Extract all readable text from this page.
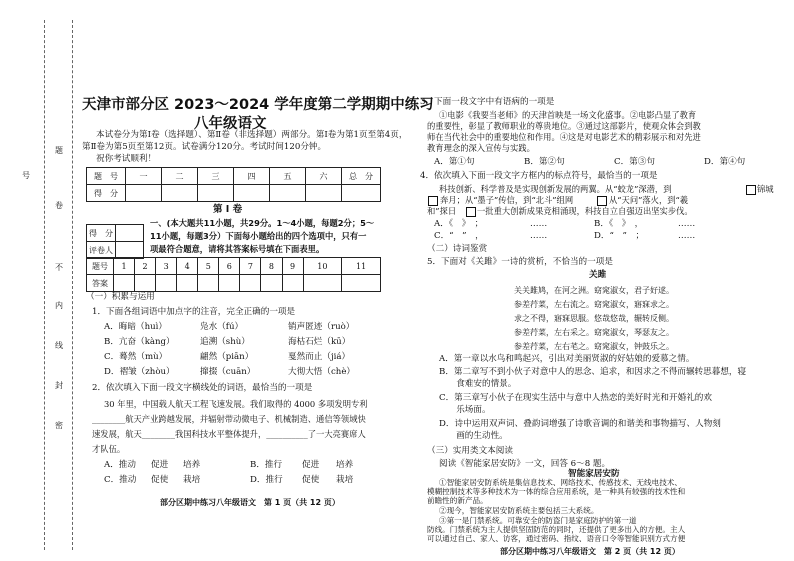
题
卷
不
内
线
封
密
号
天津市部分区 2023～2024 学年度第二学期期中练习
八年级语文
本试卷分为第Ⅰ卷（选择题）、第Ⅱ卷（非选择题）两部分。第Ⅰ卷为第1页至第4页，
第Ⅱ卷为第5页至第12页。试卷满分120分。考试时间120分钟。
祝你考试顺利！
题　号	一	二	三	四	五	六	总　分
得　分							
第 Ⅰ 卷
得　分	
评卷人	
一、(本大题共11小题，共29分。1～4小题，每题2分；5～
11小题，每题3分）下面每小题给出的四个选项中，只有一
项最符合题意，请将其答案标号填在下面表里。
题号	1	2	3	4	5	6	7	8	9	10	11
答案											
（一）积累与运用
1．下面各组词语中加点字的注音，完全正确的一项是
A．晦暗（huì）	凫水（fú）	销声匿迹（ruò）
B．亢奋（kàng）	追溯（shù）	海枯石烂（kū）
C．蓦然（mù）	翩然（piān）	戛然而止（jiá）
D．褶皱（zhòu）	撺掇（cuān）	大彻大悟（chè）
2．依次填入下面一段文字横线处的词语，最恰当的一项是
30 年里，中国载人航天工程飞速发展。我们取得的 4000 多项发明专利
________航天产业跨越发展，并辐射带动微电子、机械制造、通信等领域快
速发展，航天________我国科技水平整体提升，__________了一大亮赛席人
才队伍。
A．推动 促进 培养	B．推行 促进 培养
C．推动 促使 栽培	D．推行 促使 栽培
部分区期中练习八年级语文　第 1 页（共 12 页）
3．下面一段文字中有语病的一项是
①电影《我要当老师》的天津首映是一场文化盛事。②电影凸显了教育
的重要性，彰显了教师职业的尊贵地位。③通过这部影片，使观众体会到教
师在当代社会中的重要地位和作用。④这是对电影艺术的精彩展示和对先进
教育理念的深入宣传与实践。
A．第①句	B．第②句	C．第③句	D．第④句
4．依次填入下面一段文字方框内的标点符号，最恰当的一项是
科技创新、科学普及是实现创新发展的两翼。从“蛟龙”深潜，到	锦城
奔月；从“墨子”传信，到“北斗”组网	从“天问”落火，到“羲
和”探日	一批重大创新成果竞相涌现，科技自立自强迈出坚实步伐。
A．《　》　；	……	B．《　》　，	……
C．“　”　，	……	D．“　”　；	……
（二）诗词鉴赏
5．下面对《关雎》一诗的赏析，不恰当的一项是
关雎
关关雎鸠，在河之洲。窈窕淑女，君子好逑。
参差荇菜，左右流之。窈窕淑女，寤寐求之。
求之不得，寤寐思服。悠哉悠哉，辗转反侧。
参差荇菜，左右采之。窈窕淑女，琴瑟友之。
参差荇菜，左右芼之。窈窕淑女，钟鼓乐之。
A．第一章以水鸟和鸣起兴，引出对美丽贤淑的好姑娘的爱慕之情。
B．第二章写不到小伙子对意中人的思念、追求，和因求之不得而辗转思暮想，寝
　　食难安的情景。
C．第三章写小伙子在现实生活中与意中人热恋的美好时光和开婚礼的欢
　　乐场面。
D．诗中运用双声词、叠韵词增强了诗歌音调的和谐美和事物描写、人物刻
　　画的生动性。
（三）实用类文本阅读
阅读《智能家居安防》一文，回答 6～8 题。
智能家居安防
①智能家居安防系统是集信息技术、网络技术、传感技术、无线电技术、
模糊控制技术等多种技术为一体的综合应用系统，是一种具有较强的技术性和
前瞻性的新产品。
②现今，智能家居安防系统主要包括三大系统。
③第一是门禁系统。可靠安全的防盗门是家庭防护的第一道
防线。门禁系统为主人提供坚固防范的同时，还提供了更多出入的方便。主人
可以通过自己、家人、访客，通过密码、指纹、语音口令等智能识别方式方便
部分区期中练习八年级语文　第 2 页（共 12 页）
